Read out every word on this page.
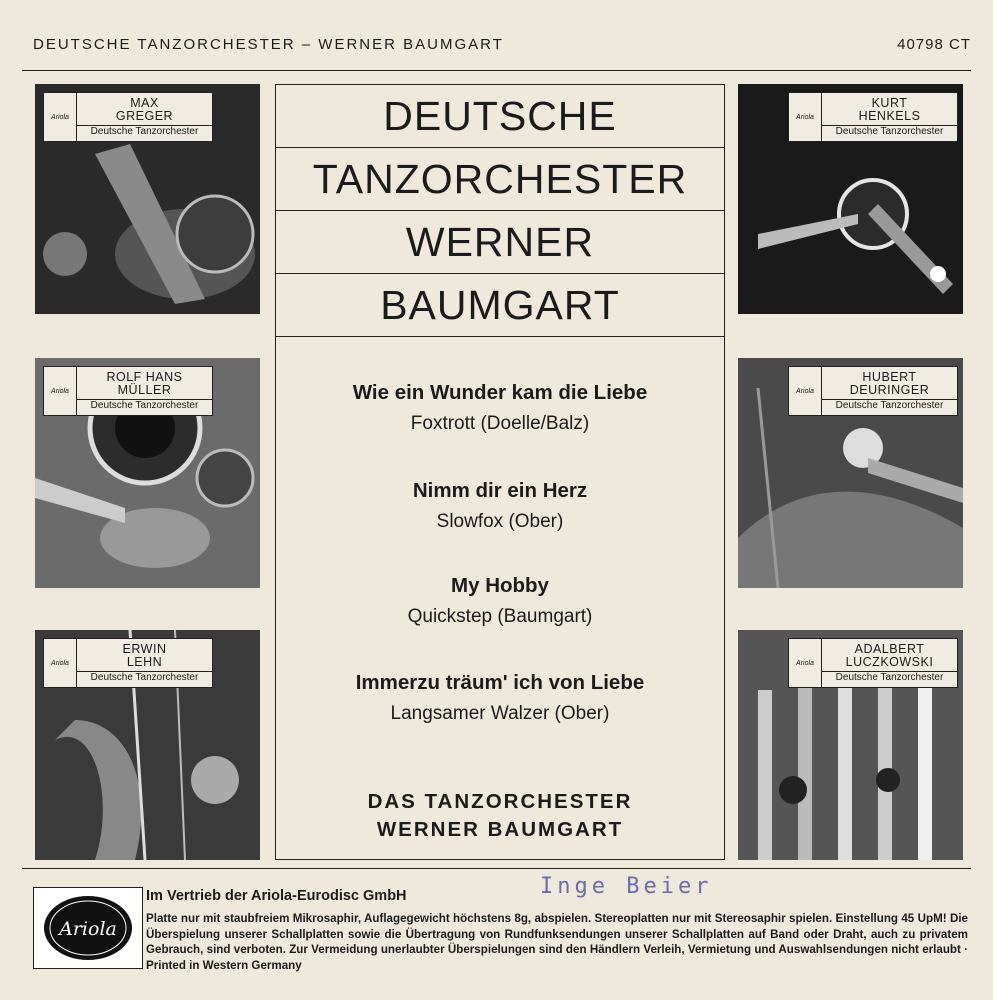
DEUTSCHE TANZORCHESTER – WERNER BAUMGART	40798 CT
Ariola
MAX
GREGER
Deutsche Tanzorchester
Ariola
ROLF HANS
MÜLLER
Deutsche Tanzorchester
Ariola
ERWIN
LEHN
Deutsche Tanzorchester
Ariola
KURT
HENKELS
Deutsche Tanzorchester
Ariola
HUBERT
DEURINGER
Deutsche Tanzorchester
Ariola
ADALBERT
LUCZKOWSKI
Deutsche Tanzorchester
DEUTSCHE
TANZORCHESTER
WERNER
BAUMGART
Wie ein Wunder kam die Liebe
Foxtrott (Doelle/Balz)
Nimm dir ein Herz
Slowfox (Ober)
My Hobby
Quickstep (Baumgart)
Immerzu träum' ich von Liebe
Langsamer Walzer (Ober)
DAS TANZORCHESTER
WERNER BAUMGART
Ariola
Im Vertrieb der Ariola-Eurodisc GmbH	Inge Beier
Platte nur mit staubfreiem Mikrosaphir, Auflagegewicht höchstens 8g, abspielen. Stereoplatten nur mit Stereosaphir spielen. Einstellung 45 UpM! Die Überspielung unserer Schallplatten sowie die Übertragung von Rundfunksendungen unserer Schallplatten auf Band oder Draht, auch zu privatem Gebrauch, sind verboten. Zur Vermeidung unerlaubter Überspielungen sind den Händlern Verleih, Vermietung und Auswahlsendungen nicht erlaubt · Printed in Western Germany
